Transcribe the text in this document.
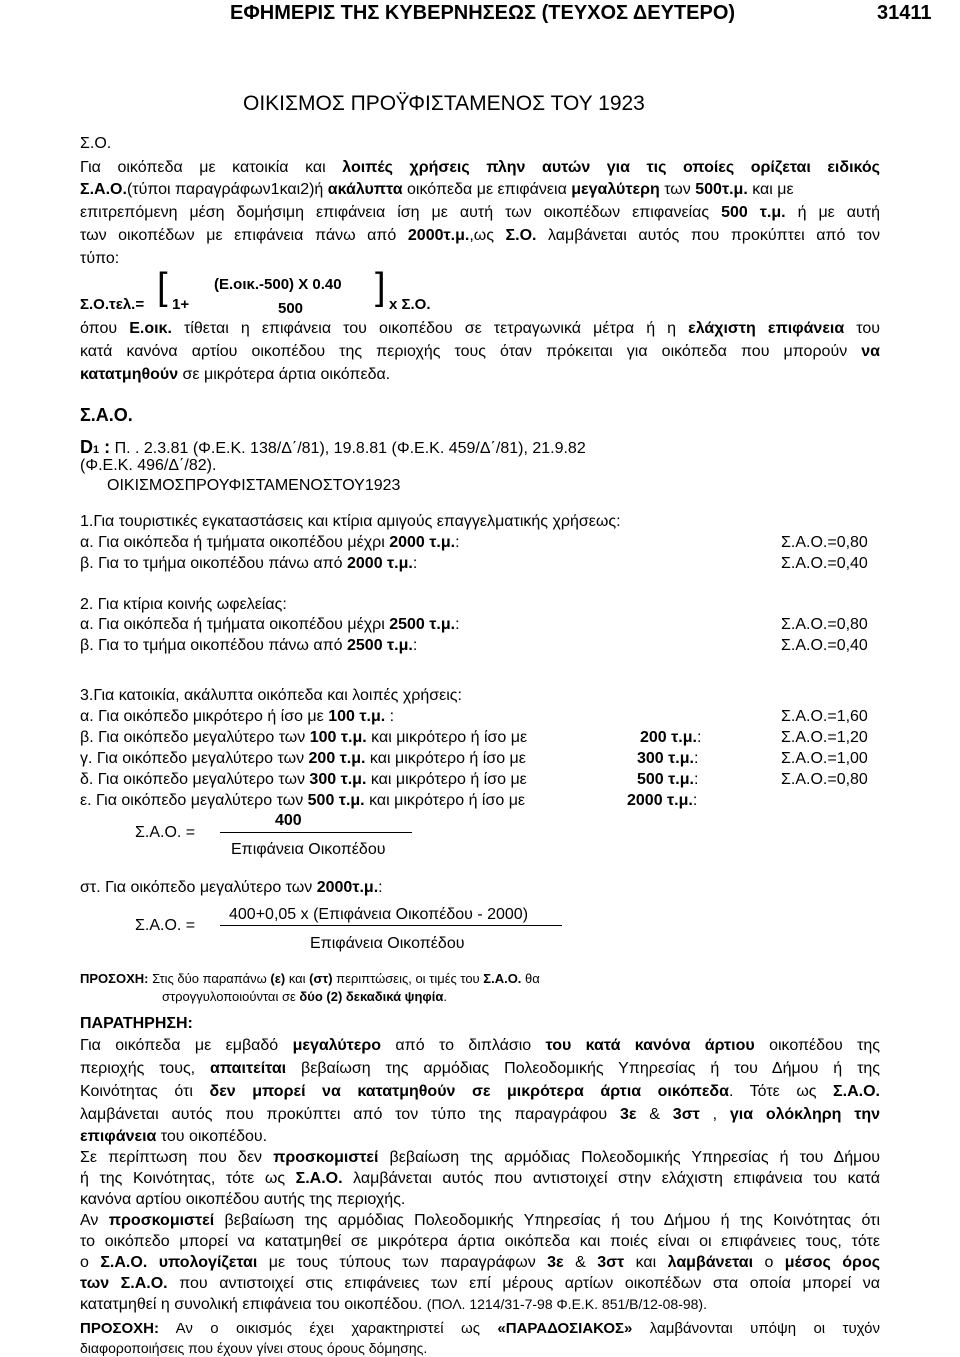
ΕΦΗΜΕΡΙΣ ΤΗΣ ΚΥΒΕΡΝΗΣΕΩΣ (ΤΕΥΧΟΣ ΔΕΥΤΕΡΟ)	31411
ΟΙΚΙΣΜΟΣ ΠΡΟΫΦΙΣΤΑΜΕΝΟΣ ΤΟΥ 1923
Σ.Ο.
Για οικόπεδα με κατοικία και λοιπές χρήσεις πλην αυτών για τις οποίες ορίζεται ειδικός
Σ.Α.Ο.(τύποι παραγράφων1και2)ή ακάλυπτα οικόπεδα με επιφάνεια μεγαλύτερη των 500τ.μ. και με
επιτρεπόμενη μέση δομήσιμη επιφάνεια ίση με αυτή των οικοπέδων επιφανείας 500 τ.μ. ή με αυτή
των οικοπέδων με επιφάνεια πάνω από 2000τ.μ.,ως Σ.Ο. λαμβάνεται αυτός που προκύπτει από τον
τύπο:
(Ε.οικ.-500) Χ 0.40
Σ.Ο.τελ.= [ 1+	500
] x Σ.Ο.
όπου Ε.οικ. τίθεται η επιφάνεια του οικοπέδου σε τετραγωνικά μέτρα ή η ελάχιστη επιφάνεια του
κατά κανόνα αρτίου οικοπέδου της περιοχής τους όταν πρόκειται για οικόπεδα που μπορούν να
κατατμηθούν σε μικρότερα άρτια οικόπεδα.
Σ.Α.Ο.
D1 : Π. . 2.3.81 (Φ.Ε.Κ. 138/Δ΄/81), 19.8.81 (Φ.Ε.Κ. 459/Δ΄/81), 21.9.82
(Φ.Ε.Κ. 496/Δ΄/82).
ΟΙΚΙΣΜΟΣΠΡΟΥΦΙΣΤΑΜΕΝΟΣΤΟΥ1923
1.Για τουριστικές εγκαταστάσεις και κτίρια αμιγούς επαγγελματικής χρήσεως:
α. Για οικόπεδα ή τμήματα οικοπέδου μέχρι 2000 τ.μ.:	Σ.Α.Ο.=0,80
β. Για το τμήμα οικοπέδου πάνω από 2000 τ.μ.:	Σ.Α.Ο.=0,40
2. Για κτίρια κοινής ωφελείας:
α. Για οικόπεδα ή τμήματα οικοπέδου μέχρι 2500 τ.μ.:	Σ.Α.Ο.=0,80
β. Για το τμήμα οικοπέδου πάνω από 2500 τ.μ.:	Σ.Α.Ο.=0,40
3.Για κατοικία, ακάλυπτα οικόπεδα και λοιπές χρήσεις:
α. Για οικόπεδο μικρότερο ή ίσο με 100 τ.μ. :	Σ.Α.Ο.=1,60
β. Για οικόπεδο μεγαλύτερο των 100 τ.μ. και μικρότερο ή ίσο με	200 τ.μ.:	Σ.Α.Ο.=1,20
γ. Για οικόπεδο μεγαλύτερο των 200 τ.μ. και μικρότερο ή ίσο με	300 τ.μ.:	Σ.Α.Ο.=1,00
δ. Για οικόπεδο μεγαλύτερο των 300 τ.μ. και μικρότερο ή ίσο με	500 τ.μ.:	Σ.Α.Ο.=0,80
ε. Για οικόπεδο μεγαλύτερο των 500 τ.μ. και μικρότερο ή ίσο με	2000 τ.μ.:
400
Σ.Α.Ο. =
Επιφάνεια Οικοπέδου
στ. Για οικόπεδο μεγαλύτερο των 2000τ.μ.:
400+0,05 x (Επιφάνεια Οικοπέδου - 2000)
Σ.Α.Ο. =
Επιφάνεια Οικοπέδου
ΠΡΟΣΟΧΗ: Στις δύο παραπάνω (ε) και (στ) περιπτώσεις, οι τιμές του Σ.Α.Ο. θα
στρογγυλοποιούνται σε δύο (2) δεκαδικά ψηφία.
ΠΑΡΑΤΗΡΗΣΗ:
Για οικόπεδα με εμβαδό μεγαλύτερο από το διπλάσιο του κατά κανόνα άρτιου οικοπέδου της
περιοχής τους, απαιτείται βεβαίωση της αρμόδιας Πολεοδομικής Υπηρεσίας ή του Δήμου ή της
Κοινότητας ότι δεν μπορεί να κατατμηθούν σε μικρότερα άρτια οικόπεδα. Τότε ως Σ.Α.Ο.
λαμβάνεται αυτός που προκύπτει από τον τύπο της παραγράφου 3ε & 3στ , για ολόκληρη την
επιφάνεια του οικοπέδου.
Σε περίπτωση που δεν προσκομιστεί βεβαίωση της αρμόδιας Πολεοδομικής Υπηρεσίας ή του Δήμου
ή της Κοινότητας, τότε ως Σ.Α.Ο. λαμβάνεται αυτός που αντιστοιχεί στην ελάχιστη επιφάνεια του κατά
κανόνα αρτίου οικοπέδου αυτής της περιοχής.
Αν προσκομιστεί βεβαίωση της αρμόδιας Πολεοδομικής Υπηρεσίας ή του Δήμου ή της Κοινότητας ότι
το οικόπεδο μπορεί να κατατμηθεί σε μικρότερα άρτια οικόπεδα και ποιές είναι οι επιφάνειες τους, τότε
ο Σ.Α.Ο. υπολογίζεται με τους τύπους των παραγράφων 3ε & 3στ και λαμβάνεται ο μέσος όρος
των Σ.Α.Ο. που αντιστοιχεί στις επιφάνειες των επί μέρους αρτίων οικοπέδων στα οποία μπορεί να
κατατμηθεί η συνολική επιφάνεια του οικοπέδου. (ΠΟΛ. 1214/31-7-98 Φ.Ε.Κ. 851/Β/12-08-98).
ΠΡΟΣΟΧΗ: Αν ο οικισμός έχει χαρακτηριστεί ως «ΠΑΡΑΔΟΣΙΑΚΟΣ» λαμβάνονται υπόψη οι τυχόν
διαφοροποιήσεις που έχουν γίνει στους όρους δόμησης.
